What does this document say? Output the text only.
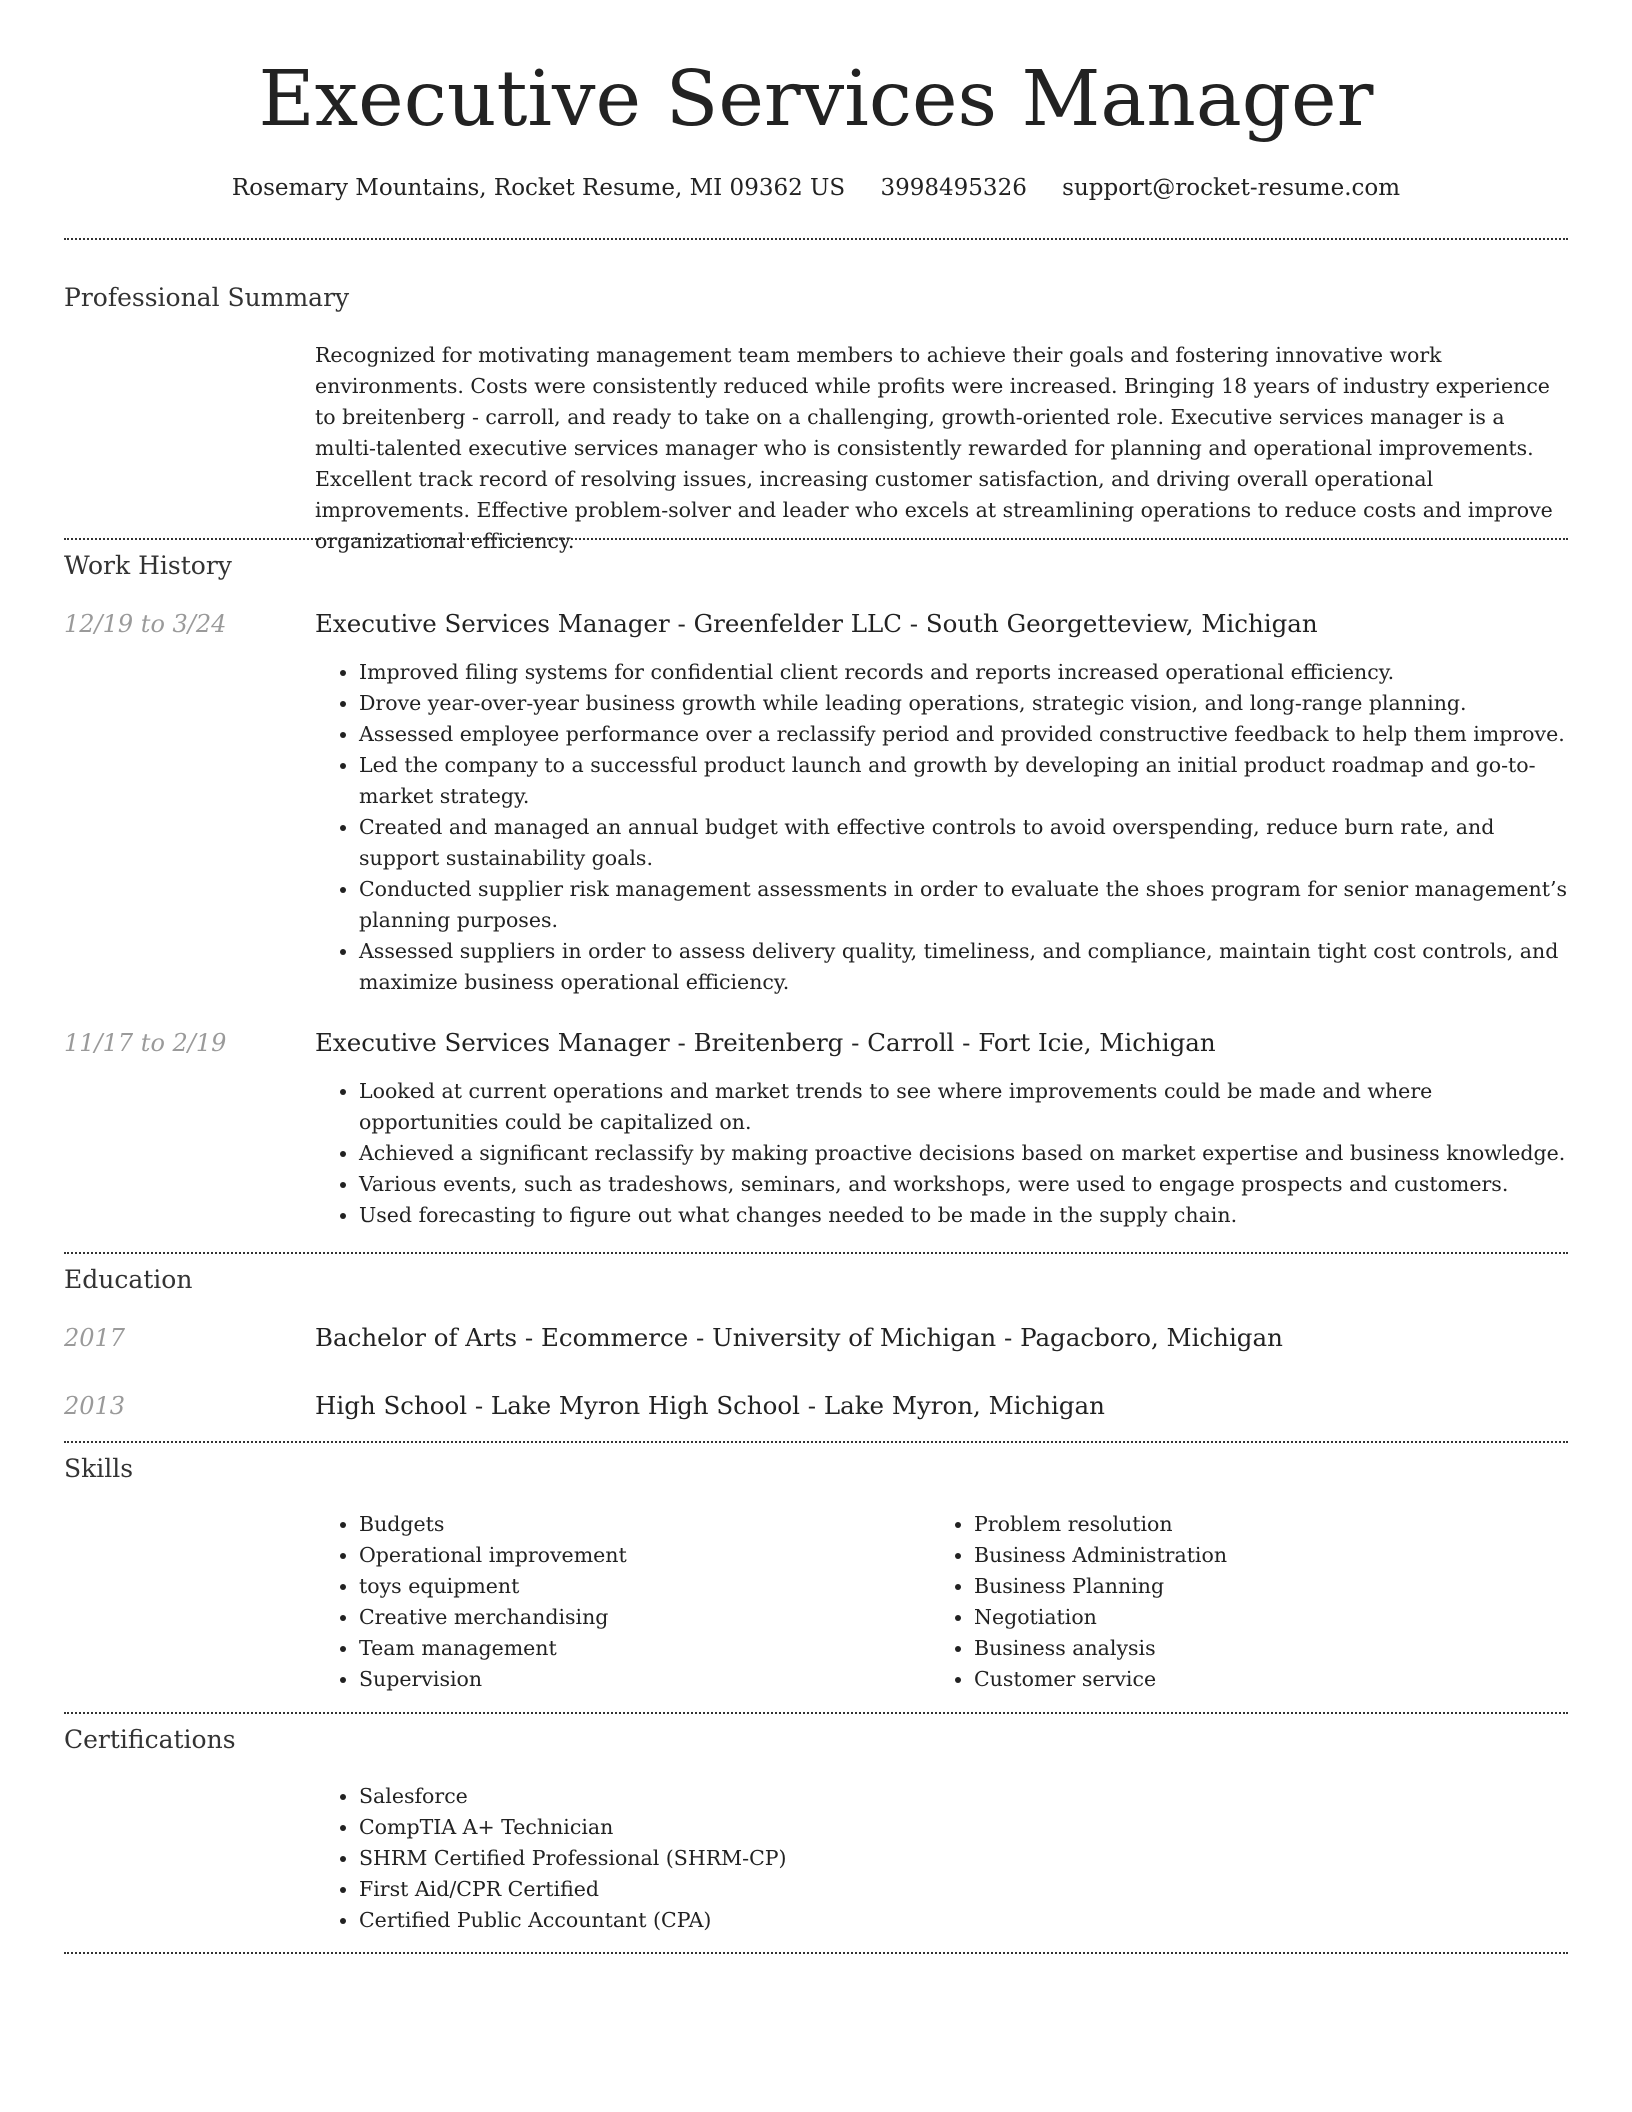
Executive Services Manager
Rosemary Mountains, Rocket Resume, MI 09362 US 3998495326 support@rocket-resume.com
Professional Summary

Recognized for motivating management team members to achieve their goals and fostering innovative work environments. Costs were consistently reduced while profits were increased. Bringing 18 years of industry experience to breitenberg - carroll, and ready to take on a challenging, growth-oriented role. Executive services manager is a multi-talented executive services manager who is consistently rewarded for planning and operational improvements. Excellent track record of resolving issues, increasing customer satisfaction, and driving overall operational improvements. Effective problem-solver and leader who excels at streamlining operations to reduce costs and improve organizational efficiency.

Work History
12/19 to 3/24	Executive Services Manager - Greenfelder LLC - South Georgetteview, Michigan
• Improved filing systems for confidential client records and reports increased operational efficiency.
• Drove year-over-year business growth while leading operations, strategic vision, and long-range planning.
• Assessed employee performance over a reclassify period and provided constructive feedback to help them improve.
• Led the company to a successful product launch and growth by developing an initial product roadmap and go-to-market strategy.
• Created and managed an annual budget with effective controls to avoid overspending, reduce burn rate, and support sustainability goals.
• Conducted supplier risk management assessments in order to evaluate the shoes program for senior management’s planning purposes.
• Assessed suppliers in order to assess delivery quality, timeliness, and compliance, maintain tight cost controls, and maximize business operational efficiency.
11/17 to 2/19	Executive Services Manager - Breitenberg - Carroll - Fort Icie, Michigan
• Looked at current operations and market trends to see where improvements could be made and where opportunities could be capitalized on.
• Achieved a significant reclassify by making proactive decisions based on market expertise and business knowledge.
• Various events, such as tradeshows, seminars, and workshops, were used to engage prospects and customers.
• Used forecasting to figure out what changes needed to be made in the supply chain.
Education
2017	Bachelor of Arts - Ecommerce - University of Michigan - Pagacboro, Michigan
2013	High School - Lake Myron High School - Lake Myron, Michigan
Skills
• Budgets
• Operational improvement
• toys equipment
• Creative merchandising
• Team management
• Supervision
• Problem resolution
• Business Administration
• Business Planning
• Negotiation
• Business analysis
• Customer service
Certifications
• Salesforce
• CompTIA A+ Technician
• SHRM Certified Professional (SHRM-CP)
• First Aid/CPR Certified
• Certified Public Accountant (CPA)
